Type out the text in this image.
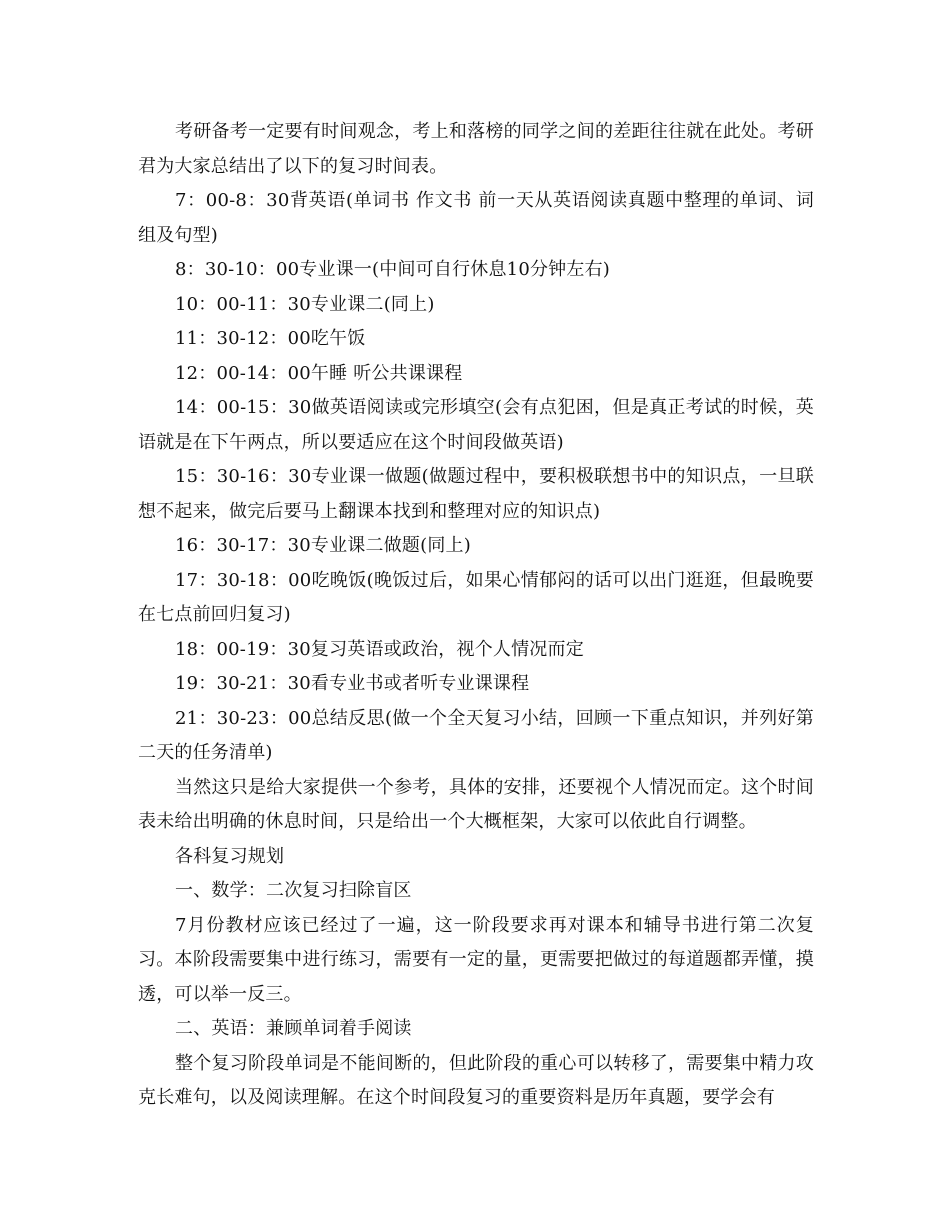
考研备考一定要有时间观念，考上和落榜的同学之间的差距往往就在此处。考研君为大家总结出了以下的复习时间表。

7：00-8：30背英语(单词书 作文书 前一天从英语阅读真题中整理的单词、词组及句型)

8：30-10：00专业课一(中间可自行休息10分钟左右)

10：00-11：30专业课二(同上)

11：30-12：00吃午饭

12：00-14：00午睡 听公共课课程

14：00-15：30做英语阅读或完形填空(会有点犯困，但是真正考试的时候，英语就是在下午两点，所以要适应在这个时间段做英语)

15：30-16：30专业课一做题(做题过程中，要积极联想书中的知识点，一旦联想不起来，做完后要马上翻课本找到和整理对应的知识点)

16：30-17：30专业课二做题(同上)

17：30-18：00吃晚饭(晚饭过后，如果心情郁闷的话可以出门逛逛，但最晚要在七点前回归复习)

18：00-19：30复习英语或政治，视个人情况而定

19：30-21：30看专业书或者听专业课课程

21：30-23：00总结反思(做一个全天复习小结，回顾一下重点知识，并列好第二天的任务清单)

当然这只是给大家提供一个参考，具体的安排，还要视个人情况而定。这个时间表未给出明确的休息时间，只是给出一个大概框架，大家可以依此自行调整。

各科复习规划

一、数学：二次复习扫除盲区

7月份教材应该已经过了一遍，这一阶段要求再对课本和辅导书进行第二次复习。本阶段需要集中进行练习，需要有一定的量，更需要把做过的每道题都弄懂，摸透，可以举一反三。

二、英语：兼顾单词着手阅读

整个复习阶段单词是不能间断的，但此阶段的重心可以转移了，需要集中精力攻克长难句，以及阅读理解。在这个时间段复习的重要资料是历年真题，要学会有
